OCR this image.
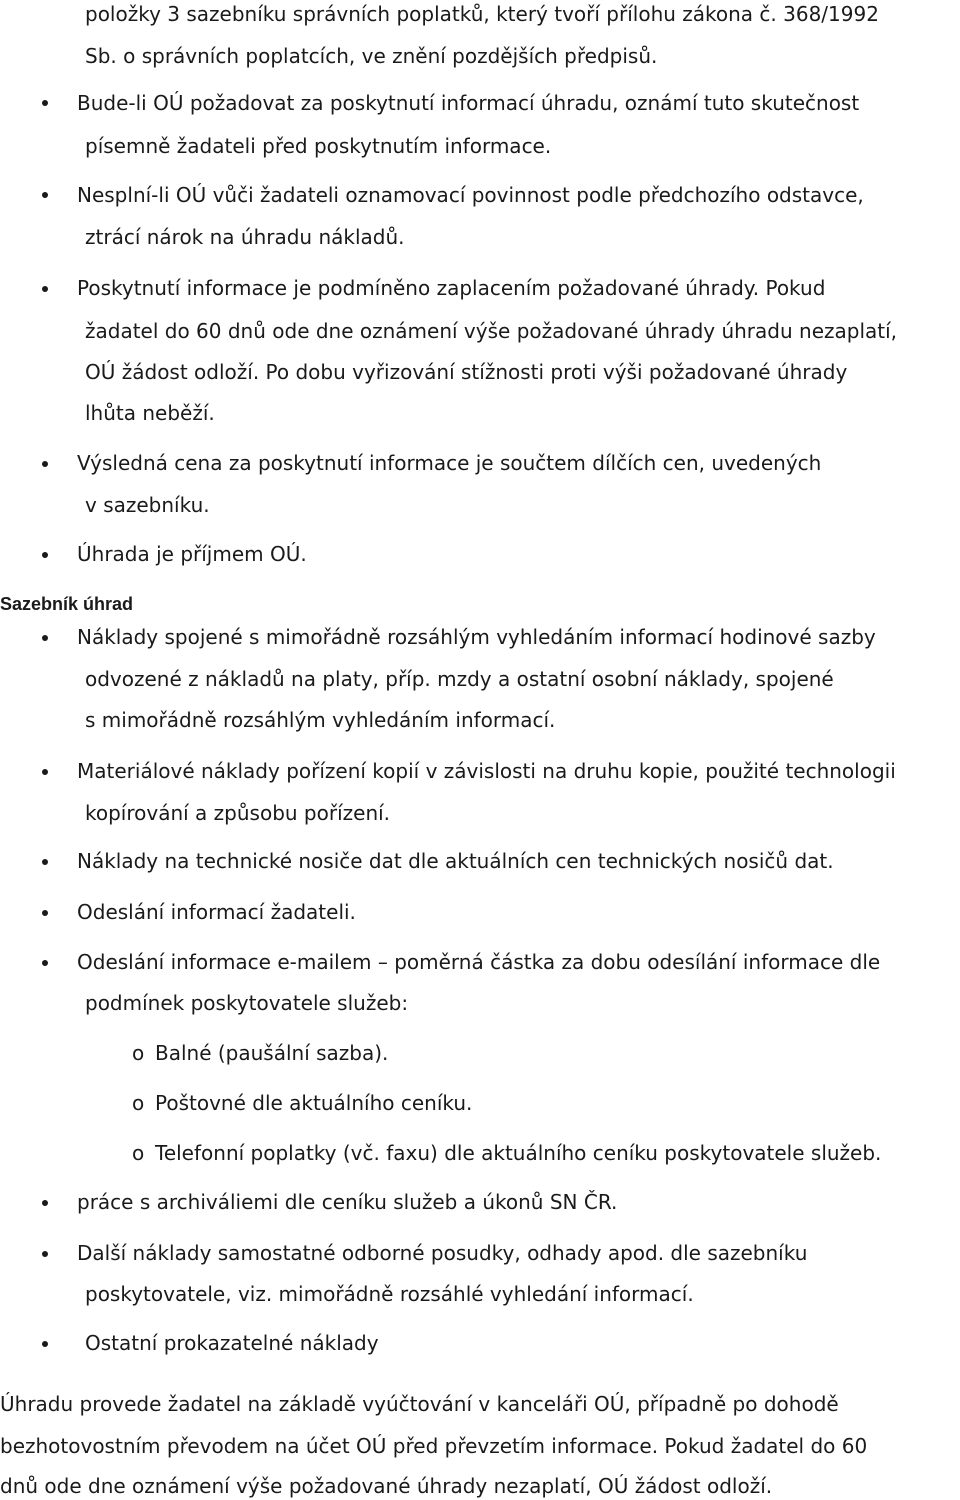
položky 3 sazebníku správních poplatků, který tvoří přílohu zákona č. 368/1992
Sb. o správních poplatcích, ve znění pozdějších předpisů.
Bude-li OÚ požadovat za poskytnutí informací úhradu, oznámí tuto skutečnost
písemně žadateli před poskytnutím informace.
Nesplní-li OÚ vůči žadateli oznamovací povinnost podle předchozího odstavce,
ztrácí nárok na úhradu nákladů.
Poskytnutí informace je podmíněno zaplacením požadované úhrady. Pokud
žadatel do 60 dnů ode dne oznámení výše požadované úhrady úhradu nezaplatí,
OÚ žádost odloží. Po dobu vyřizování stížnosti proti výši požadované úhrady
lhůta neběží.
Výsledná cena za poskytnutí informace je součtem dílčích cen, uvedených
v sazebníku.
Úhrada je příjmem OÚ.
Sazebník úhrad
Náklady spojené s mimořádně rozsáhlým vyhledáním informací hodinové sazby
odvozené z nákladů na platy, příp. mzdy a ostatní osobní náklady, spojené
s mimořádně rozsáhlým vyhledáním informací.
Materiálové náklady pořízení kopií v závislosti na druhu kopie, použité technologii
kopírování a způsobu pořízení.
Náklady na technické nosiče dat dle aktuálních cen technických nosičů dat.
Odeslání informací žadateli.
Odeslání informace e-mailem – poměrná částka za dobu odesílání informace dle
podmínek poskytovatele služeb:
o Balné (paušální sazba).
o Poštovné dle aktuálního ceníku.
o Telefonní poplatky (vč. faxu) dle aktuálního ceníku poskytovatele služeb.
práce s archiváliemi dle ceníku služeb a úkonů SN ČR.
Další náklady samostatné odborné posudky, odhady apod. dle sazebníku
poskytovatele, viz. mimořádně rozsáhlé vyhledání informací.
Ostatní prokazatelné náklady
Úhradu provede žadatel na základě vyúčtování v kanceláři OÚ, případně po dohodě
bezhotovostním převodem na účet OÚ před převzetím informace. Pokud žadatel do 60
dnů ode dne oznámení výše požadované úhrady nezaplatí, OÚ žádost odloží.
